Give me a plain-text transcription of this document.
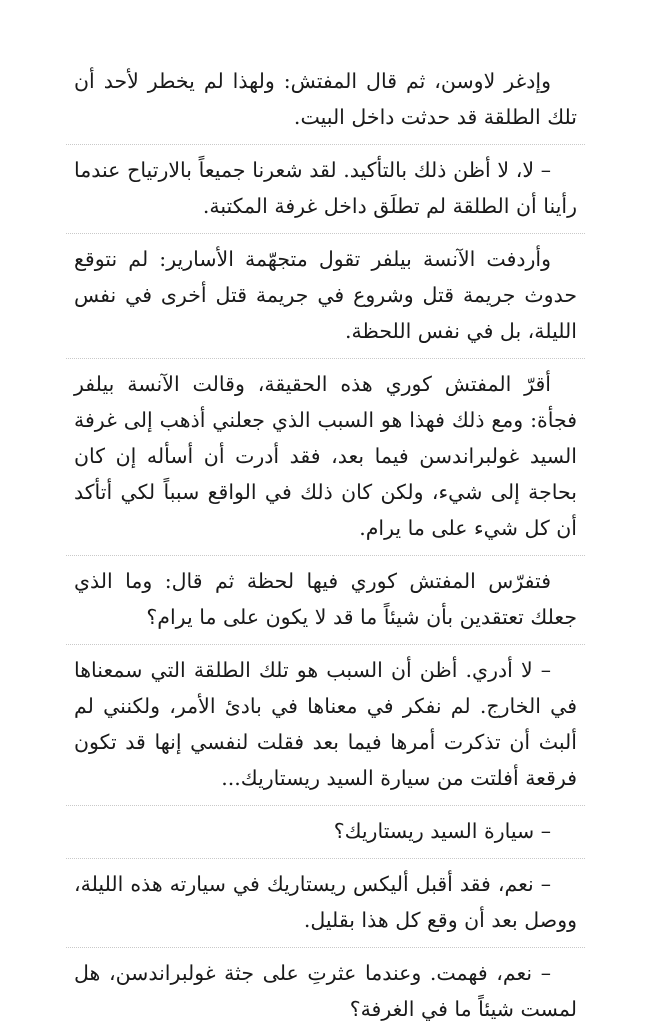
وإدغر لاوسن، ثم قال المفتش: ولهذا لم يخطر لأحد أن تلك الطلقة قد حدثت داخل البيت.

– لا، لا أظن ذلك بالتأكيد. لقد شعرنا جميعاً بالارتياح عندما رأينا أن الطلقة لم تطلَق داخل غرفة المكتبة.

وأردفت الآنسة بيلفر تقول متجهّمة الأسارير: لم نتوقع حدوث جريمة قتل وشروع في جريمة قتل أخرى في نفس الليلة، بل في نفس اللحظة.

أقرّ المفتش كوري هذه الحقيقة، وقالت الآنسة بيلفر فجأة: ومع ذلك فهذا هو السبب الذي جعلني أذهب إلى غرفة السيد غولبراندسن فيما بعد، فقد أدرت أن أسأله إن كان بحاجة إلى شيء، ولكن كان ذلك في الواقع سبباً لكي أتأكد أن كل شيء على ما يرام.

فتفرّس المفتش كوري فيها لحظة ثم قال: وما الذي جعلك تعتقدين بأن شيئاً ما قد لا يكون على ما يرام؟

– لا أدري. أظن أن السبب هو تلك الطلقة التي سمعناها في الخارج. لم نفكر في معناها في بادئ الأمر، ولكنني لم ألبث أن تذكرت أمرها فيما بعد فقلت لنفسي إنها قد تكون فرقعة أفلتت من سيارة السيد ريستاريك...

– سيارة السيد ريستاريك؟

– نعم، فقد أقبل أليكس ريستاريك في سيارته هذه الليلة، ووصل بعد أن وقع كل هذا بقليل.

– نعم، فهمت. وعندما عثرتِ على جثة غولبراندسن، هل لمست شيئاً ما في الغرفة؟
